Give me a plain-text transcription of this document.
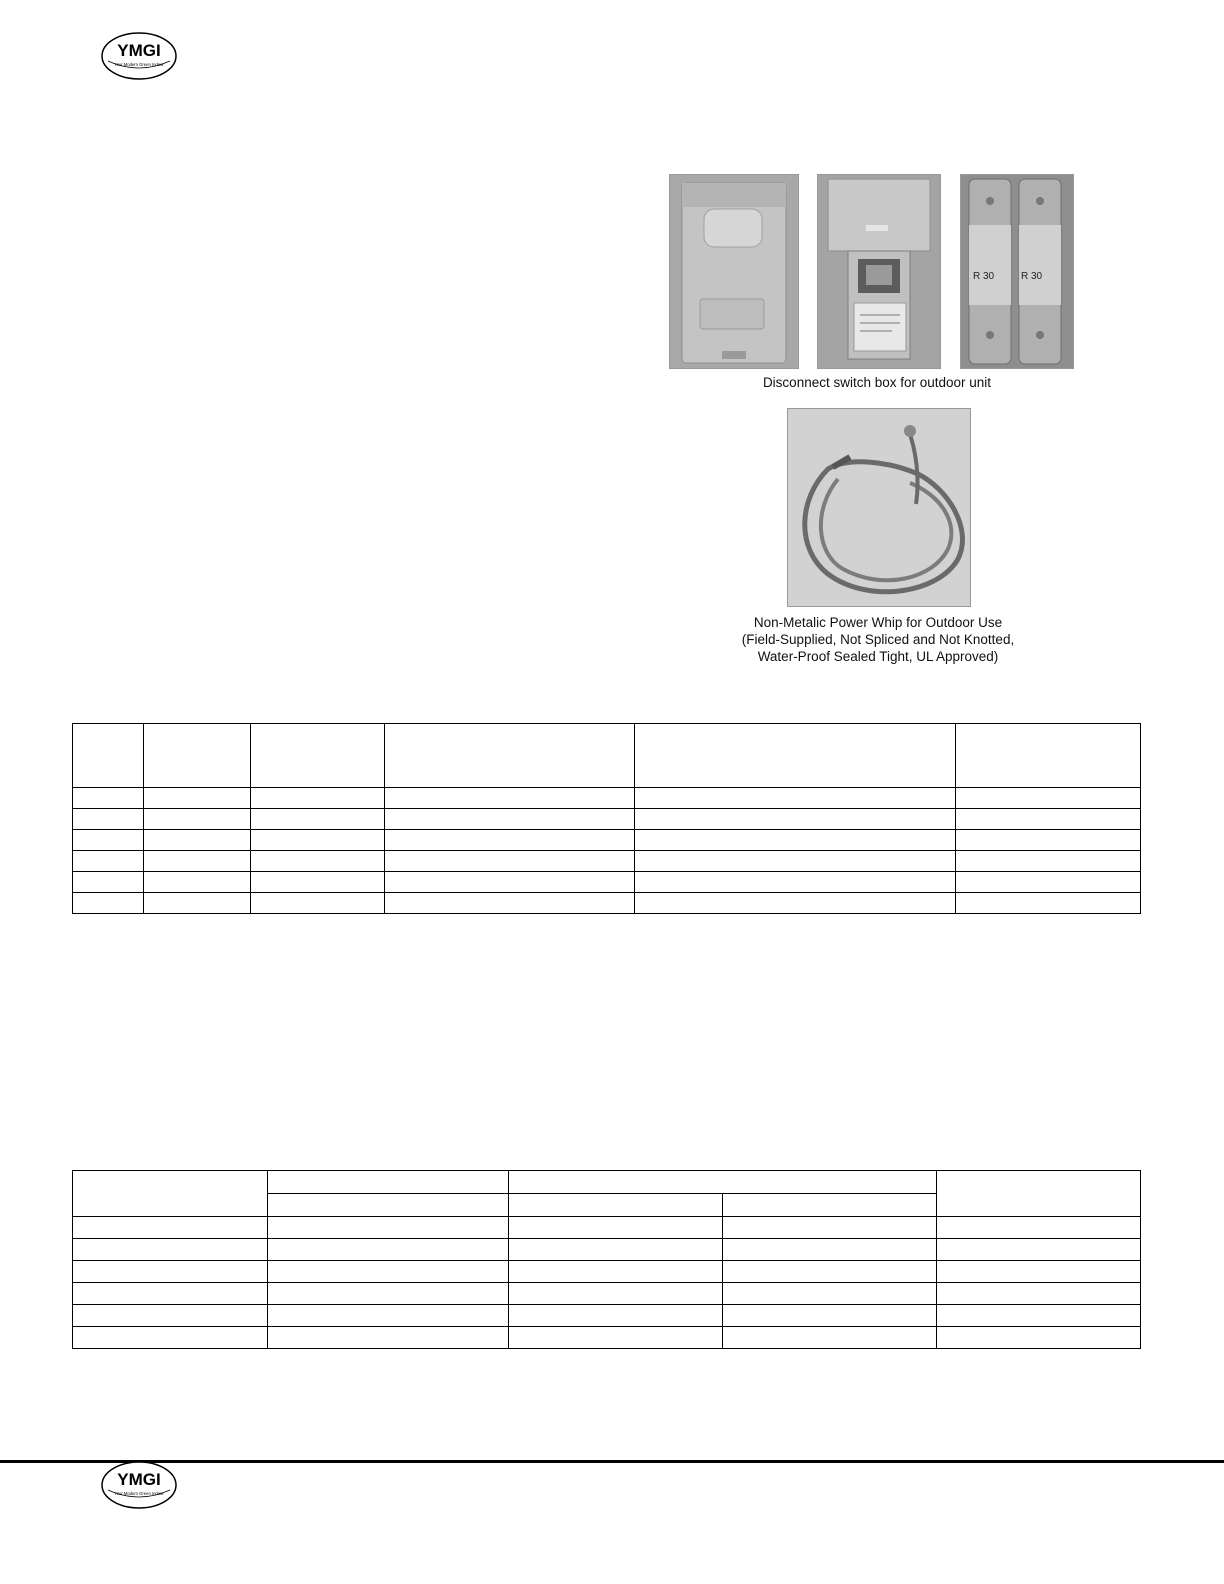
YMGI
Your Modern Green Indoor
R 30	R 30
Disconnect switch box for outdoor unit
Non-Metalic Power Whip for Outdoor Use
(Field-Supplied, Not Spliced and Not Knotted,
Water-Proof Sealed Tight, UL Approved)

YMGI
Your Modern Green Indoor
